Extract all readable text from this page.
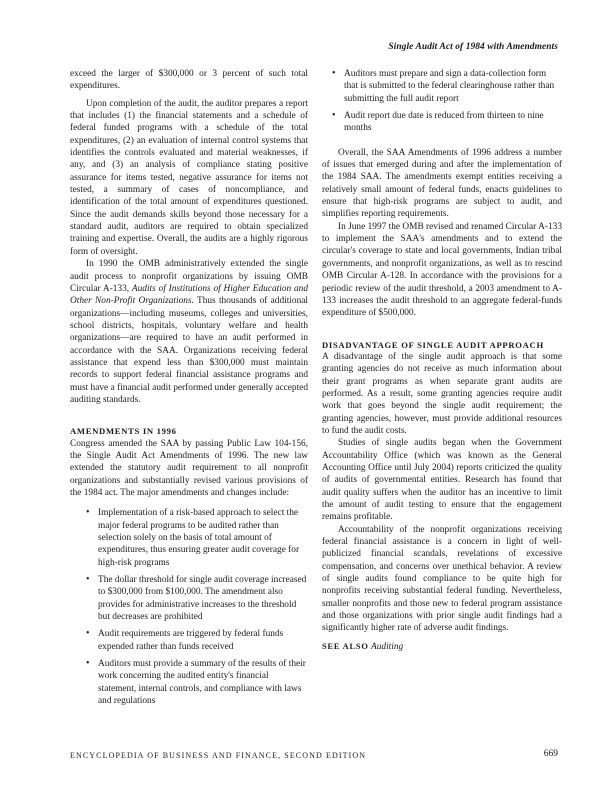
Single Audit Act of 1984 with Amendments

exceed the larger of $300,000 or 3 percent of such total expenditures.

Upon completion of the audit, the auditor prepares a report that includes (1) the financial statements and a schedule of federal funded programs with a schedule of the total expenditures, (2) an evaluation of internal control systems that identifies the controls evaluated and material weaknesses, if any, and (3) an analysis of compliance stating positive assurance for items tested, negative assurance for items not tested, a summary of cases of noncompliance, and identification of the total amount of expenditures questioned. Since the audit demands skills beyond those necessary for a standard audit, auditors are required to obtain specialized training and expertise. Overall, the audits are a highly rigorous form of oversight.

In 1990 the OMB administratively extended the single audit process to nonprofit organizations by issuing OMB Circular A-133, Audits of Institutions of Higher Education and Other Non-Profit Organizations. Thus thousands of additional organizations—including museums, colleges and universities, school districts, hospitals, voluntary welfare and health organizations—are required to have an audit performed in accordance with the SAA. Organizations receiving federal assistance that expend less than $300,000 must maintain records to support federal financial assistance programs and must have a financial audit performed under generally accepted auditing standards.

AMENDMENTS IN 1996

Congress amended the SAA by passing Public Law 104-156, the Single Audit Act Amendments of 1996. The new law extended the statutory audit requirement to all nonprofit organizations and substantially revised various provisions of the 1984 act. The major amendments and changes include:

• Implementation of a risk-based approach to select the major federal programs to be audited rather than selection solely on the basis of total amount of expenditures, thus ensuring greater audit coverage for high-risk programs
• The dollar threshold for single audit coverage increased to $300,000 from $100,000. The amendment also provides for administrative increases to the threshold but decreases are prohibited
• Audit requirements are triggered by federal funds expended rather than funds received
• Auditors must provide a summary of the results of their work concerning the audited entity's financial statement, internal controls, and compliance with laws and regulations
• Auditors must prepare and sign a data-collection form that is submitted to the federal clearinghouse rather than submitting the full audit report
• Audit report due date is reduced from thirteen to nine months

Overall, the SAA Amendments of 1996 address a number of issues that emerged during and after the implementation of the 1984 SAA. The amendments exempt entities receiving a relatively small amount of federal funds, enacts guidelines to ensure that high-risk programs are subject to audit, and simplifies reporting requirements.

In June 1997 the OMB revised and renamed Circular A-133 to implement the SAA's amendments and to extend the circular's coverage to state and local governments, Indian tribal governments, and nonprofit organizations, as well as to rescind OMB Circular A-128. In accordance with the provisions for a periodic review of the audit threshold, a 2003 amendment to A-133 increases the audit threshold to an aggregate federal-funds expenditure of $500,000.

DISADVANTAGE OF SINGLE AUDIT APPROACH

A disadvantage of the single audit approach is that some granting agencies do not receive as much information about their grant programs as when separate grant audits are performed. As a result, some granting agencies require audit work that goes beyond the single audit requirement; the granting agencies, however, must provide additional resources to fund the audit costs.

Studies of single audits began when the Government Accountability Office (which was known as the General Accounting Office until July 2004) reports criticized the quality of audits of governmental entities. Research has found that audit quality suffers when the auditor has an incentive to limit the amount of audit testing to ensure that the engagement remains profitable.

Accountability of the nonprofit organizations receiving federal financial assistance is a concern in light of well-publicized financial scandals, revelations of excessive compensation, and concerns over unethical behavior. A review of single audits found compliance to be quite high for nonprofits receiving substantial federal funding. Nevertheless, smaller nonprofits and those new to federal program assistance and those organizations with prior single audit findings had a significantly higher rate of adverse audit findings.

SEE ALSO Auditing

ENCYCLOPEDIA OF BUSINESS AND FINANCE, SECOND EDITION	669
